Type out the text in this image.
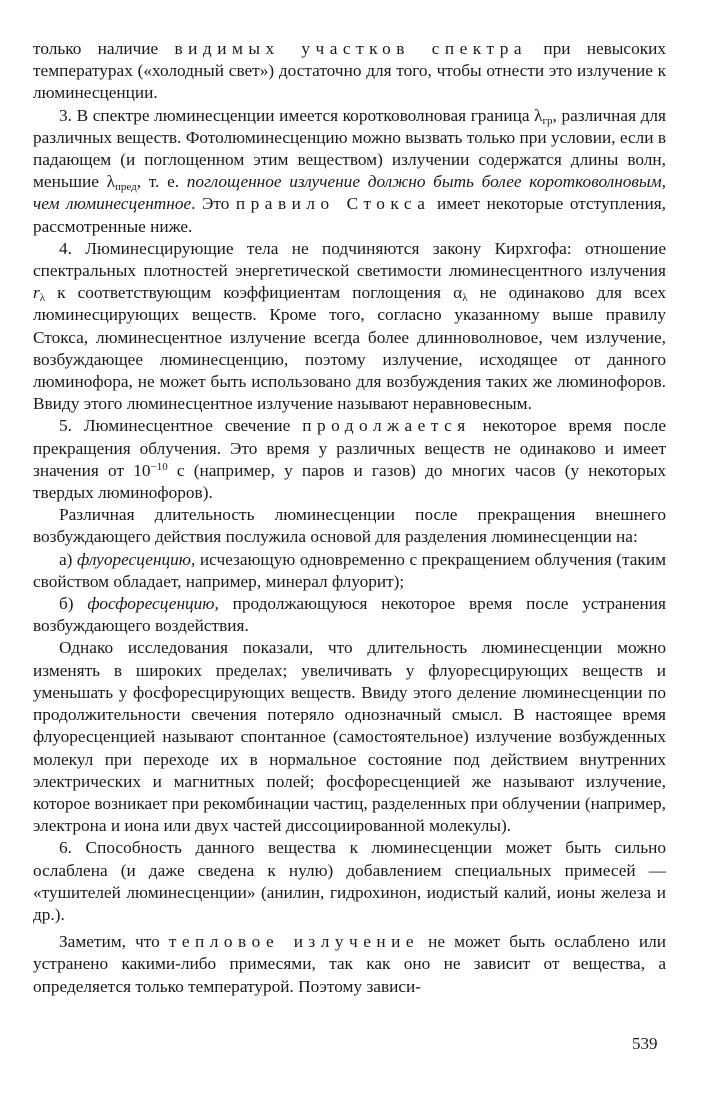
только наличие видимых участков спектра при невысоких температурах («холодный свет») достаточно для того, чтобы отнести это излучение к люминесценции.

3. В спектре люминесценции имеется коротковолновая граница $\lambda_{гр}$, различная для различных веществ. Фотолюминесценцию можно вызвать только при условии, если в падающем (и поглощенном этим веществом) излучении содержатся длины волн, меньшие $\lambda_{пред}$, т. е. поглощенное излучение должно быть более коротковолновым, чем люминесцентное. Это правило Стокса имеет некоторые отступления, рассмотренные ниже.

4. Люминесцирующие тела не подчиняются закону Кирхгофа: отношение спектральных плотностей энергетической светимости люминесцентного излучения $r_\lambda$ к соответствующим коэффициентам поглощения $\alpha_\lambda$ не одинаково для всех люминесцирующих веществ. Кроме того, согласно указанному выше правилу Стокса, люминесцентное излучение всегда более длинноволновое, чем излучение, возбуждающее люминесценцию, поэтому излучение, исходящее от данного люминофора, не может быть использовано для возбуждения таких же люминофоров. Ввиду этого люминесцентное излучение называют неравновесным.

5. Люминесцентное свечение продолжается некоторое время после прекращения облучения. Это время у различных веществ не одинаково и имеет значения от $10^{-10}$ с (например, у паров и газов) до многих часов (у некоторых твердых люминофоров).

Различная длительность люминесценции после прекращения внешнего возбуждающего действия послужила основой для разделения люминесценции на:

а) флуоресценцию, исчезающую одновременно с прекращением облучения (таким свойством обладает, например, минерал флуорит);

б) фосфоресценцию, продолжающуюся некоторое время после устранения возбуждающего воздействия.

Однако исследования показали, что длительность люминесценции можно изменять в широких пределах; увеличивать у флуоресцирующих веществ и уменьшать у фосфоресцирующих веществ. Ввиду этого деление люминесценции по продолжительности свечения потеряло однозначный смысл. В настоящее время флуоресценцией называют спонтанное (самостоятельное) излучение возбужденных молекул при переходе их в нормальное состояние под действием внутренних электрических и магнитных полей; фосфоресценцией же называют излучение, которое возникает при рекомбинации частиц, разделенных при облучении (например, электрона и иона или двух частей диссоциированной молекулы).

6. Способность данного вещества к люминесценции может быть сильно ослаблена (и даже сведена к нулю) добавлением специальных примесей — «тушителей люминесценции» (анилин, гидрохинон, иодистый калий, ионы железа и др.).

Заметим, что тепловое излучение не может быть ослаблено или устранено какими-либо примесями, так как оно не зависит от вещества, а определяется только температурой. Поэтому зависи-

539
